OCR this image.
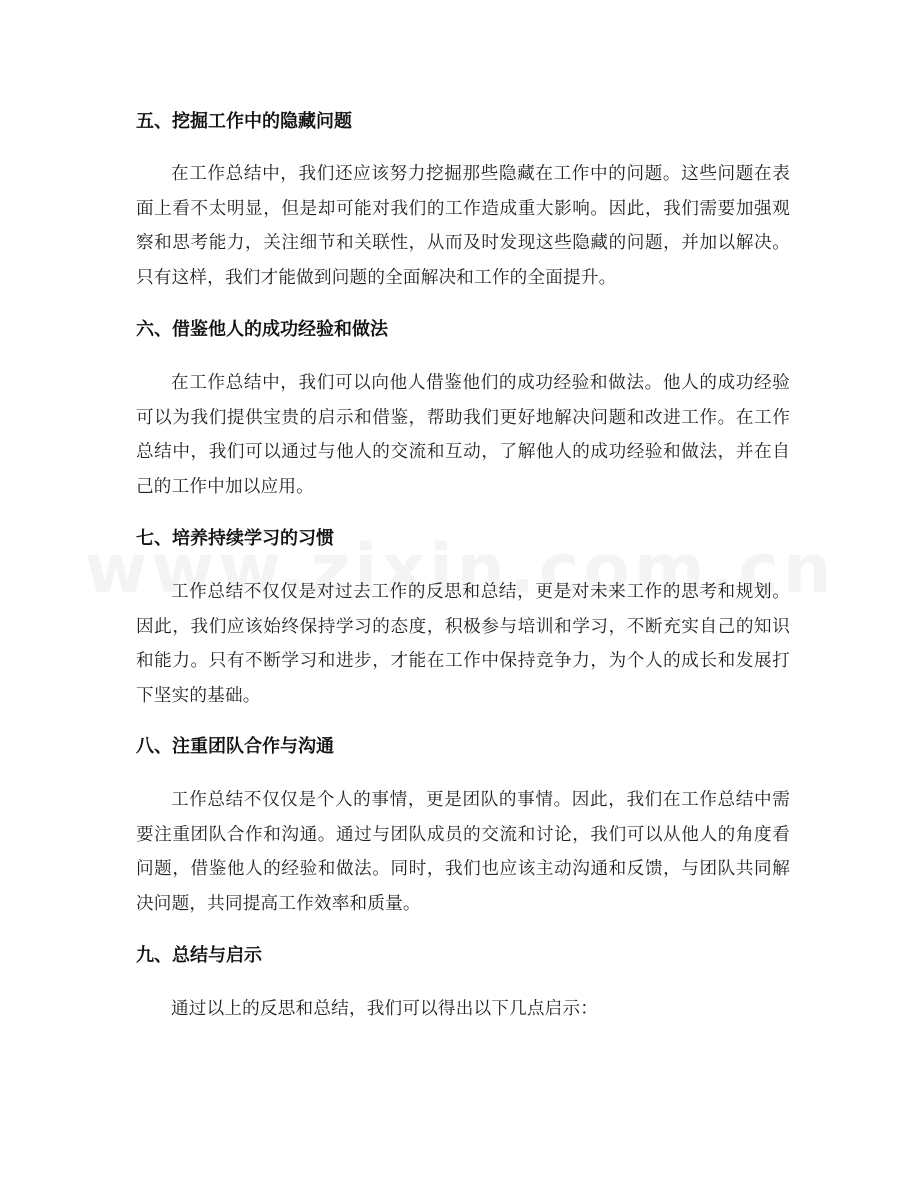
五、挖掘工作中的隐藏问题

在工作总结中，我们还应该努力挖掘那些隐藏在工作中的问题。这些问题在表面上看不太明显，但是却可能对我们的工作造成重大影响。因此，我们需要加强观察和思考能力，关注细节和关联性，从而及时发现这些隐藏的问题，并加以解决。只有这样，我们才能做到问题的全面解决和工作的全面提升。

六、借鉴他人的成功经验和做法

在工作总结中，我们可以向他人借鉴他们的成功经验和做法。他人的成功经验可以为我们提供宝贵的启示和借鉴，帮助我们更好地解决问题和改进工作。在工作总结中，我们可以通过与他人的交流和互动，了解他人的成功经验和做法，并在自己的工作中加以应用。

七、培养持续学习的习惯

工作总结不仅仅是对过去工作的反思和总结，更是对未来工作的思考和规划。因此，我们应该始终保持学习的态度，积极参与培训和学习，不断充实自己的知识和能力。只有不断学习和进步，才能在工作中保持竞争力，为个人的成长和发展打下坚实的基础。

八、注重团队合作与沟通

工作总结不仅仅是个人的事情，更是团队的事情。因此，我们在工作总结中需要注重团队合作和沟通。通过与团队成员的交流和讨论，我们可以从他人的角度看问题，借鉴他人的经验和做法。同时，我们也应该主动沟通和反馈，与团队共同解决问题，共同提高工作效率和质量。

九、总结与启示

通过以上的反思和总结，我们可以得出以下几点启示：
